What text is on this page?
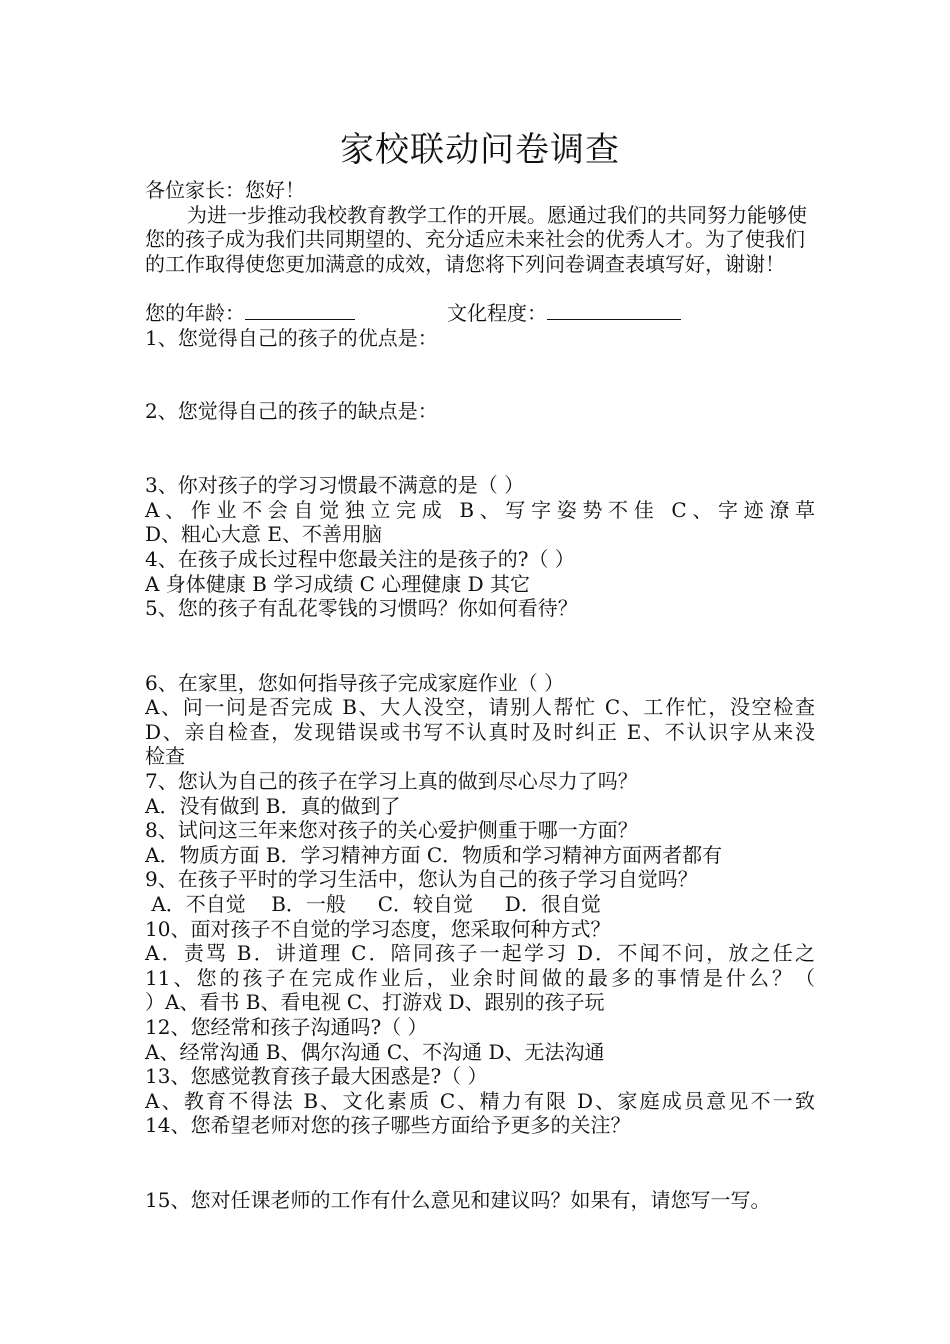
家校联动问卷调查
各位家长：您好！
为进一步推动我校教育教学工作的开展。愿通过我们的共同努力能够使您的孩子成为我们共同期望的、充分适应未来社会的优秀人才。为了使我们的工作取得使您更加满意的成效，请您将下列问卷调查表填写好，谢谢！
您的年龄：	文化程度：
1、您觉得自己的孩子的优点是：
2、您觉得自己的孩子的缺点是：
3、你对孩子的学习习惯最不满意的是（ ）
A、作业不会自觉独立完成 B、写字姿势不佳 C、字迹潦草
D、粗心大意 E、不善用脑
4、在孩子成长过程中您最关注的是孩子的?（ ）
A 身体健康 B 学习成绩 C 心理健康 D 其它
5、您的孩子有乱花零钱的习惯吗？你如何看待？
6、在家里，您如何指导孩子完成家庭作业（ ）
A、问一问是否完成 B、大人没空，请别人帮忙 C、工作忙，没空检查
D、亲自检查，发现错误或书写不认真时及时纠正 E、不认识字从来没
检查
7、您认为自己的孩子在学习上真的做到尽心尽力了吗？
A．没有做到 B．真的做到了
8、试问这三年来您对孩子的关心爱护侧重于哪一方面？
A．物质方面 B．学习精神方面 C．物质和学习精神方面两者都有
9、在孩子平时的学习生活中，您认为自己的孩子学习自觉吗？
A．不自觉    B．一般     C．较自觉     D．很自觉
10、面对孩子不自觉的学习态度，您采取何种方式？
A．责骂 B．讲道理 C．陪同孩子一起学习 D．不闻不问，放之任之
11、您的孩子在完成作业后，业余时间做的最多的事情是什么？（
）A、看书 B、看电视 C、打游戏 D、跟别的孩子玩
12、您经常和孩子沟通吗?（ ）
A、经常沟通 B、偶尔沟通 C、不沟通 D、无法沟通
13、您感觉教育孩子最大困惑是?（ ）
A、教育不得法 B、文化素质 C、精力有限 D、家庭成员意见不一致
14、您希望老师对您的孩子哪些方面给予更多的关注？
15、您对任课老师的工作有什么意见和建议吗？如果有，请您写一写。
